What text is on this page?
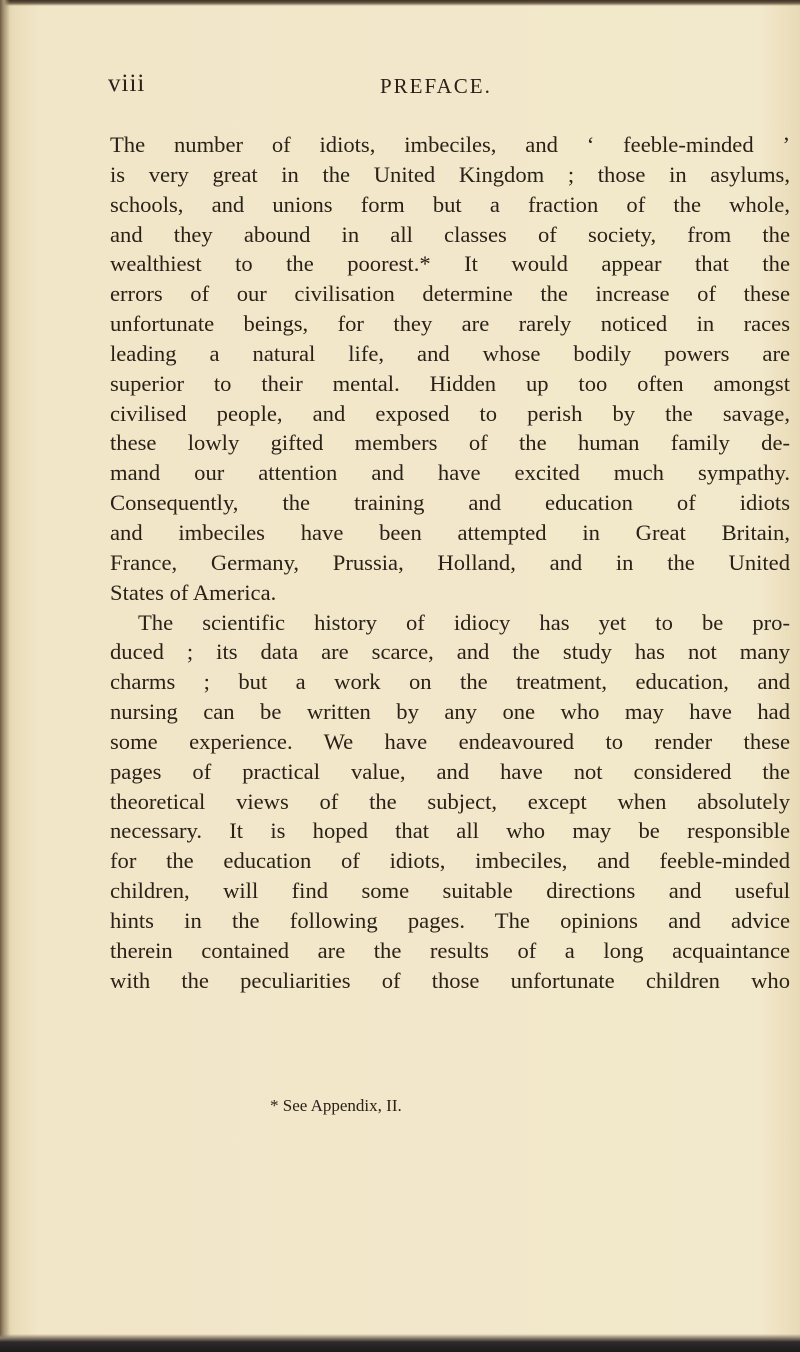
viii	PREFACE.
The number of idiots, imbeciles, and ‘ feeble-minded ’
is very great in the United Kingdom ; those in asylums,
schools, and unions form but a fraction of the whole,
and they abound in all classes of society, from the
wealthiest to the poorest.* It would appear that the
errors of our civilisation determine the increase of these
unfortunate beings, for they are rarely noticed in races
leading a natural life, and whose bodily powers are
superior to their mental. Hidden up too often amongst
civilised people, and exposed to perish by the savage,
these lowly gifted members of the human family de-
mand our attention and have excited much sympathy.
Consequently, the training and education of idiots
and imbeciles have been attempted in Great Britain,
France, Germany, Prussia, Holland, and in the United
States of America.
The scientific history of idiocy has yet to be pro-
duced ; its data are scarce, and the study has not many
charms ; but a work on the treatment, education, and
nursing can be written by any one who may have had
some experience. We have endeavoured to render these
pages of practical value, and have not considered the
theoretical views of the subject, except when absolutely
necessary. It is hoped that all who may be responsible
for the education of idiots, imbeciles, and feeble-minded
children, will find some suitable directions and useful
hints in the following pages. The opinions and advice
therein contained are the results of a long acquaintance
with the peculiarities of those unfortunate children who
* See Appendix, II.
